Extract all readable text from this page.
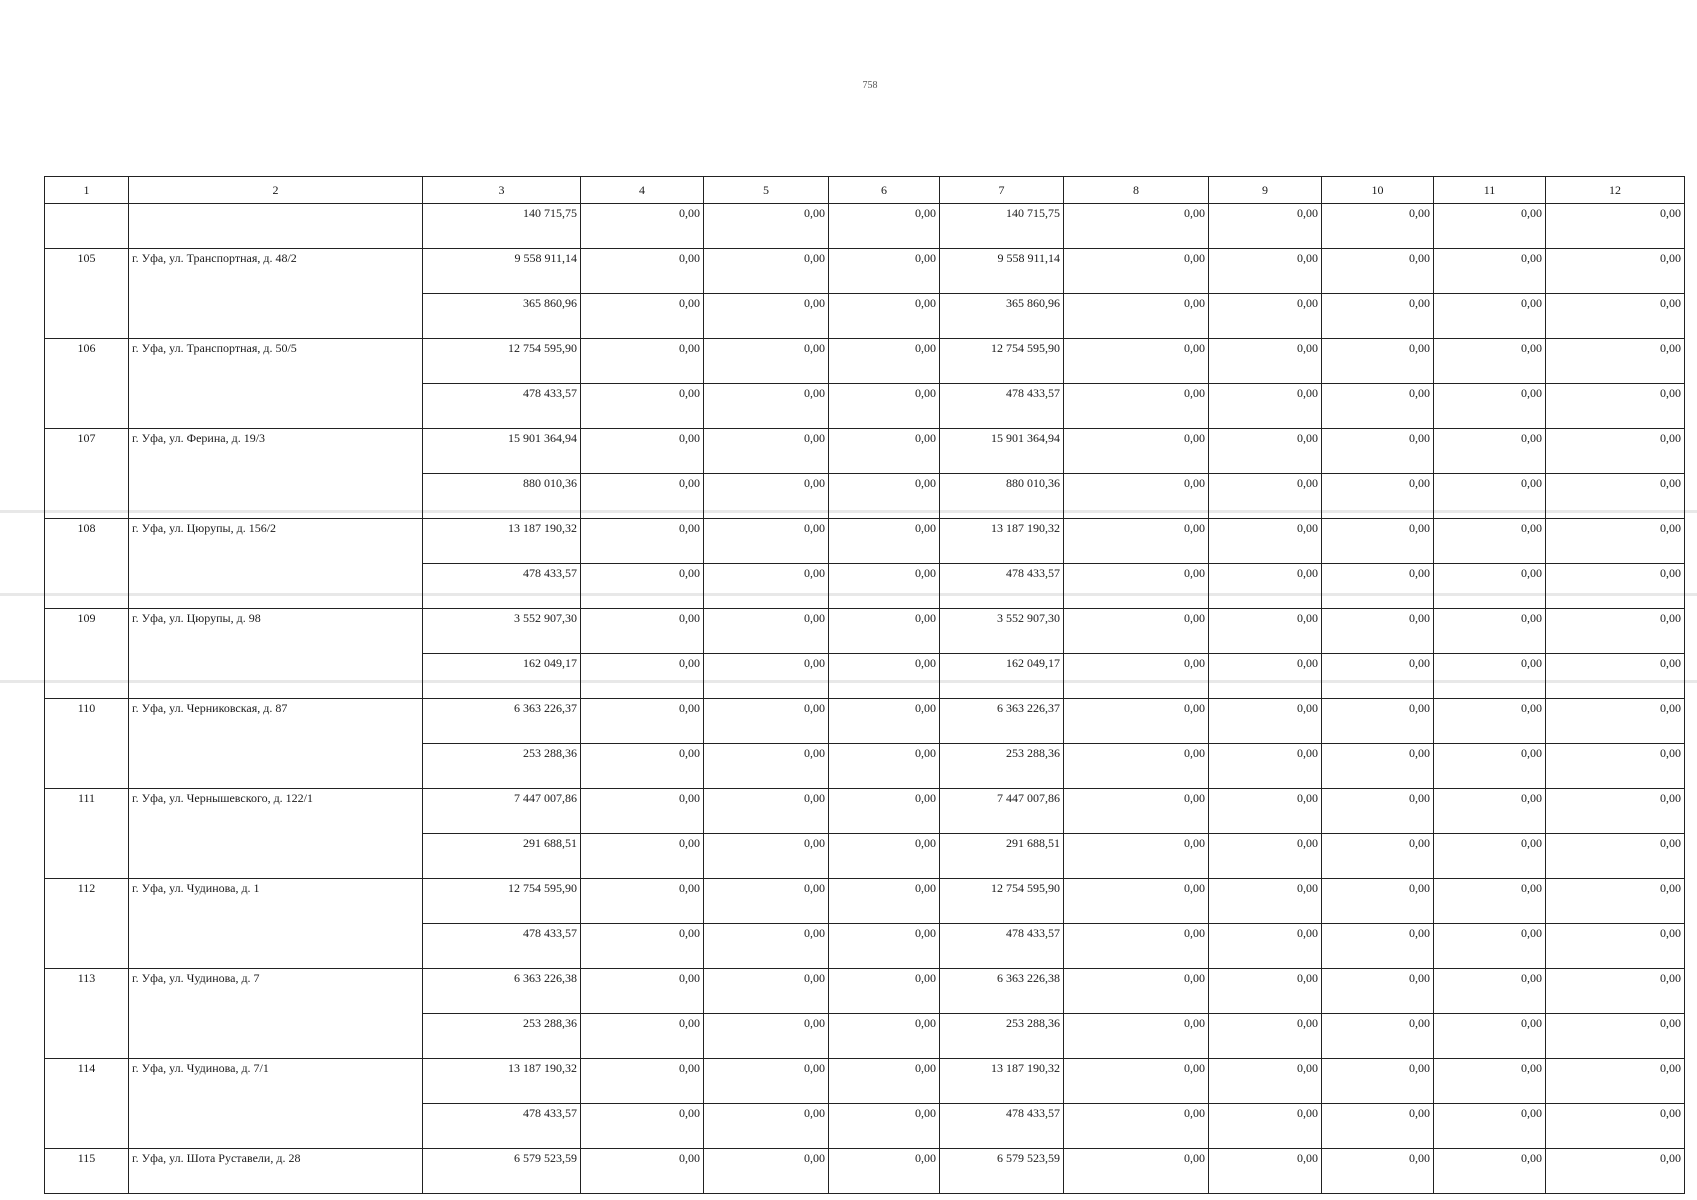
758
1	2	3	4	5	6	7	8	9	10	11	12
		140 715,75	0,00	0,00	0,00	140 715,75	0,00	0,00	0,00	0,00	0,00
105	г. Уфа, ул. Транспортная, д. 48/2	9 558 911,14	0,00	0,00	0,00	9 558 911,14	0,00	0,00	0,00	0,00	0,00
		365 860,96	0,00	0,00	0,00	365 860,96	0,00	0,00	0,00	0,00	0,00
106	г. Уфа, ул. Транспортная, д. 50/5	12 754 595,90	0,00	0,00	0,00	12 754 595,90	0,00	0,00	0,00	0,00	0,00
		478 433,57	0,00	0,00	0,00	478 433,57	0,00	0,00	0,00	0,00	0,00
107	г. Уфа, ул. Ферина, д. 19/3	15 901 364,94	0,00	0,00	0,00	15 901 364,94	0,00	0,00	0,00	0,00	0,00
		880 010,36	0,00	0,00	0,00	880 010,36	0,00	0,00	0,00	0,00	0,00
108	г. Уфа, ул. Цюрупы, д. 156/2	13 187 190,32	0,00	0,00	0,00	13 187 190,32	0,00	0,00	0,00	0,00	0,00
		478 433,57	0,00	0,00	0,00	478 433,57	0,00	0,00	0,00	0,00	0,00
109	г. Уфа, ул. Цюрупы, д. 98	3 552 907,30	0,00	0,00	0,00	3 552 907,30	0,00	0,00	0,00	0,00	0,00
		162 049,17	0,00	0,00	0,00	162 049,17	0,00	0,00	0,00	0,00	0,00
110	г. Уфа, ул. Черниковская, д. 87	6 363 226,37	0,00	0,00	0,00	6 363 226,37	0,00	0,00	0,00	0,00	0,00
		253 288,36	0,00	0,00	0,00	253 288,36	0,00	0,00	0,00	0,00	0,00
111	г. Уфа, ул. Чернышевского, д. 122/1	7 447 007,86	0,00	0,00	0,00	7 447 007,86	0,00	0,00	0,00	0,00	0,00
		291 688,51	0,00	0,00	0,00	291 688,51	0,00	0,00	0,00	0,00	0,00
112	г. Уфа, ул. Чудинова, д. 1	12 754 595,90	0,00	0,00	0,00	12 754 595,90	0,00	0,00	0,00	0,00	0,00
		478 433,57	0,00	0,00	0,00	478 433,57	0,00	0,00	0,00	0,00	0,00
113	г. Уфа, ул. Чудинова, д. 7	6 363 226,38	0,00	0,00	0,00	6 363 226,38	0,00	0,00	0,00	0,00	0,00
		253 288,36	0,00	0,00	0,00	253 288,36	0,00	0,00	0,00	0,00	0,00
114	г. Уфа, ул. Чудинова, д. 7/1	13 187 190,32	0,00	0,00	0,00	13 187 190,32	0,00	0,00	0,00	0,00	0,00
		478 433,57	0,00	0,00	0,00	478 433,57	0,00	0,00	0,00	0,00	0,00
115	г. Уфа, ул. Шота Руставели, д. 28	6 579 523,59	0,00	0,00	0,00	6 579 523,59	0,00	0,00	0,00	0,00	0,00
